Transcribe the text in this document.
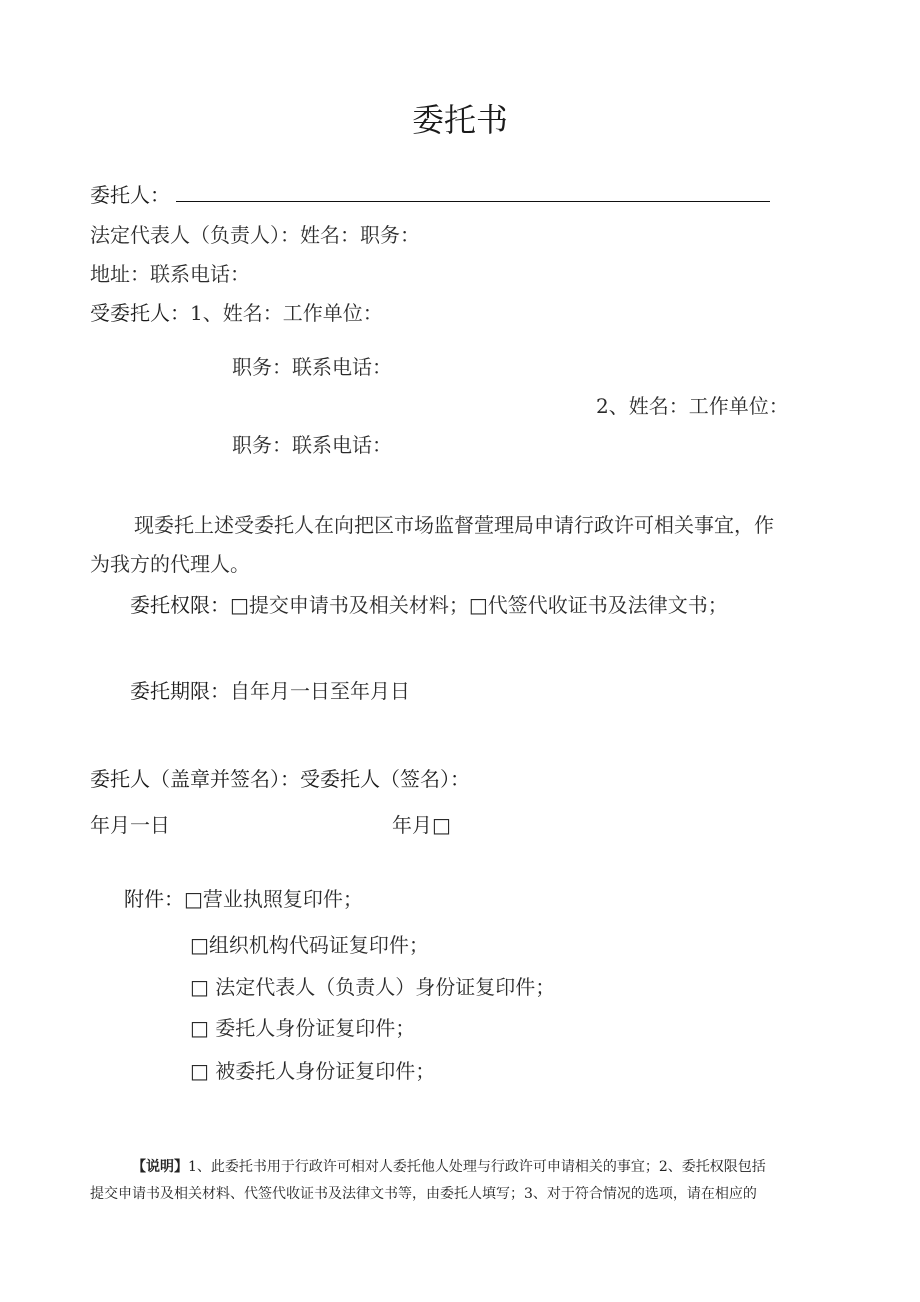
委托书
委托人：
法定代表人（负责人）：姓名：职务：
地址：联系电话：
受委托人：1、姓名：工作单位：
职务：联系电话：
2、姓名：工作单位：
职务：联系电话：
现委托上述受委托人在向把区市场监督萱理局申请行政许可相关事宜，作
为我方的代理人。
委托权限：□提交申请书及相关材料；□代签代收证书及法律文书；
委托期限：自年月一日至年月日
委托人（盖章并签名）：受委托人（签名）：
年月一日	年月□
附件：□营业执照复印件；
□组织机构代码证复印件；
□ 法定代表人（负责人）身份证复印件；
□ 委托人身份证复印件；
□ 被委托人身份证复印件；
【说明】1、此委托书用于行政许可相对人委托他人处理与行政许可申请相关的事宜；2、委托权限包括
提交申请书及相关材料、代签代收证书及法律文书等，由委托人填写；3、对于符合情况的选项，请在相应的
